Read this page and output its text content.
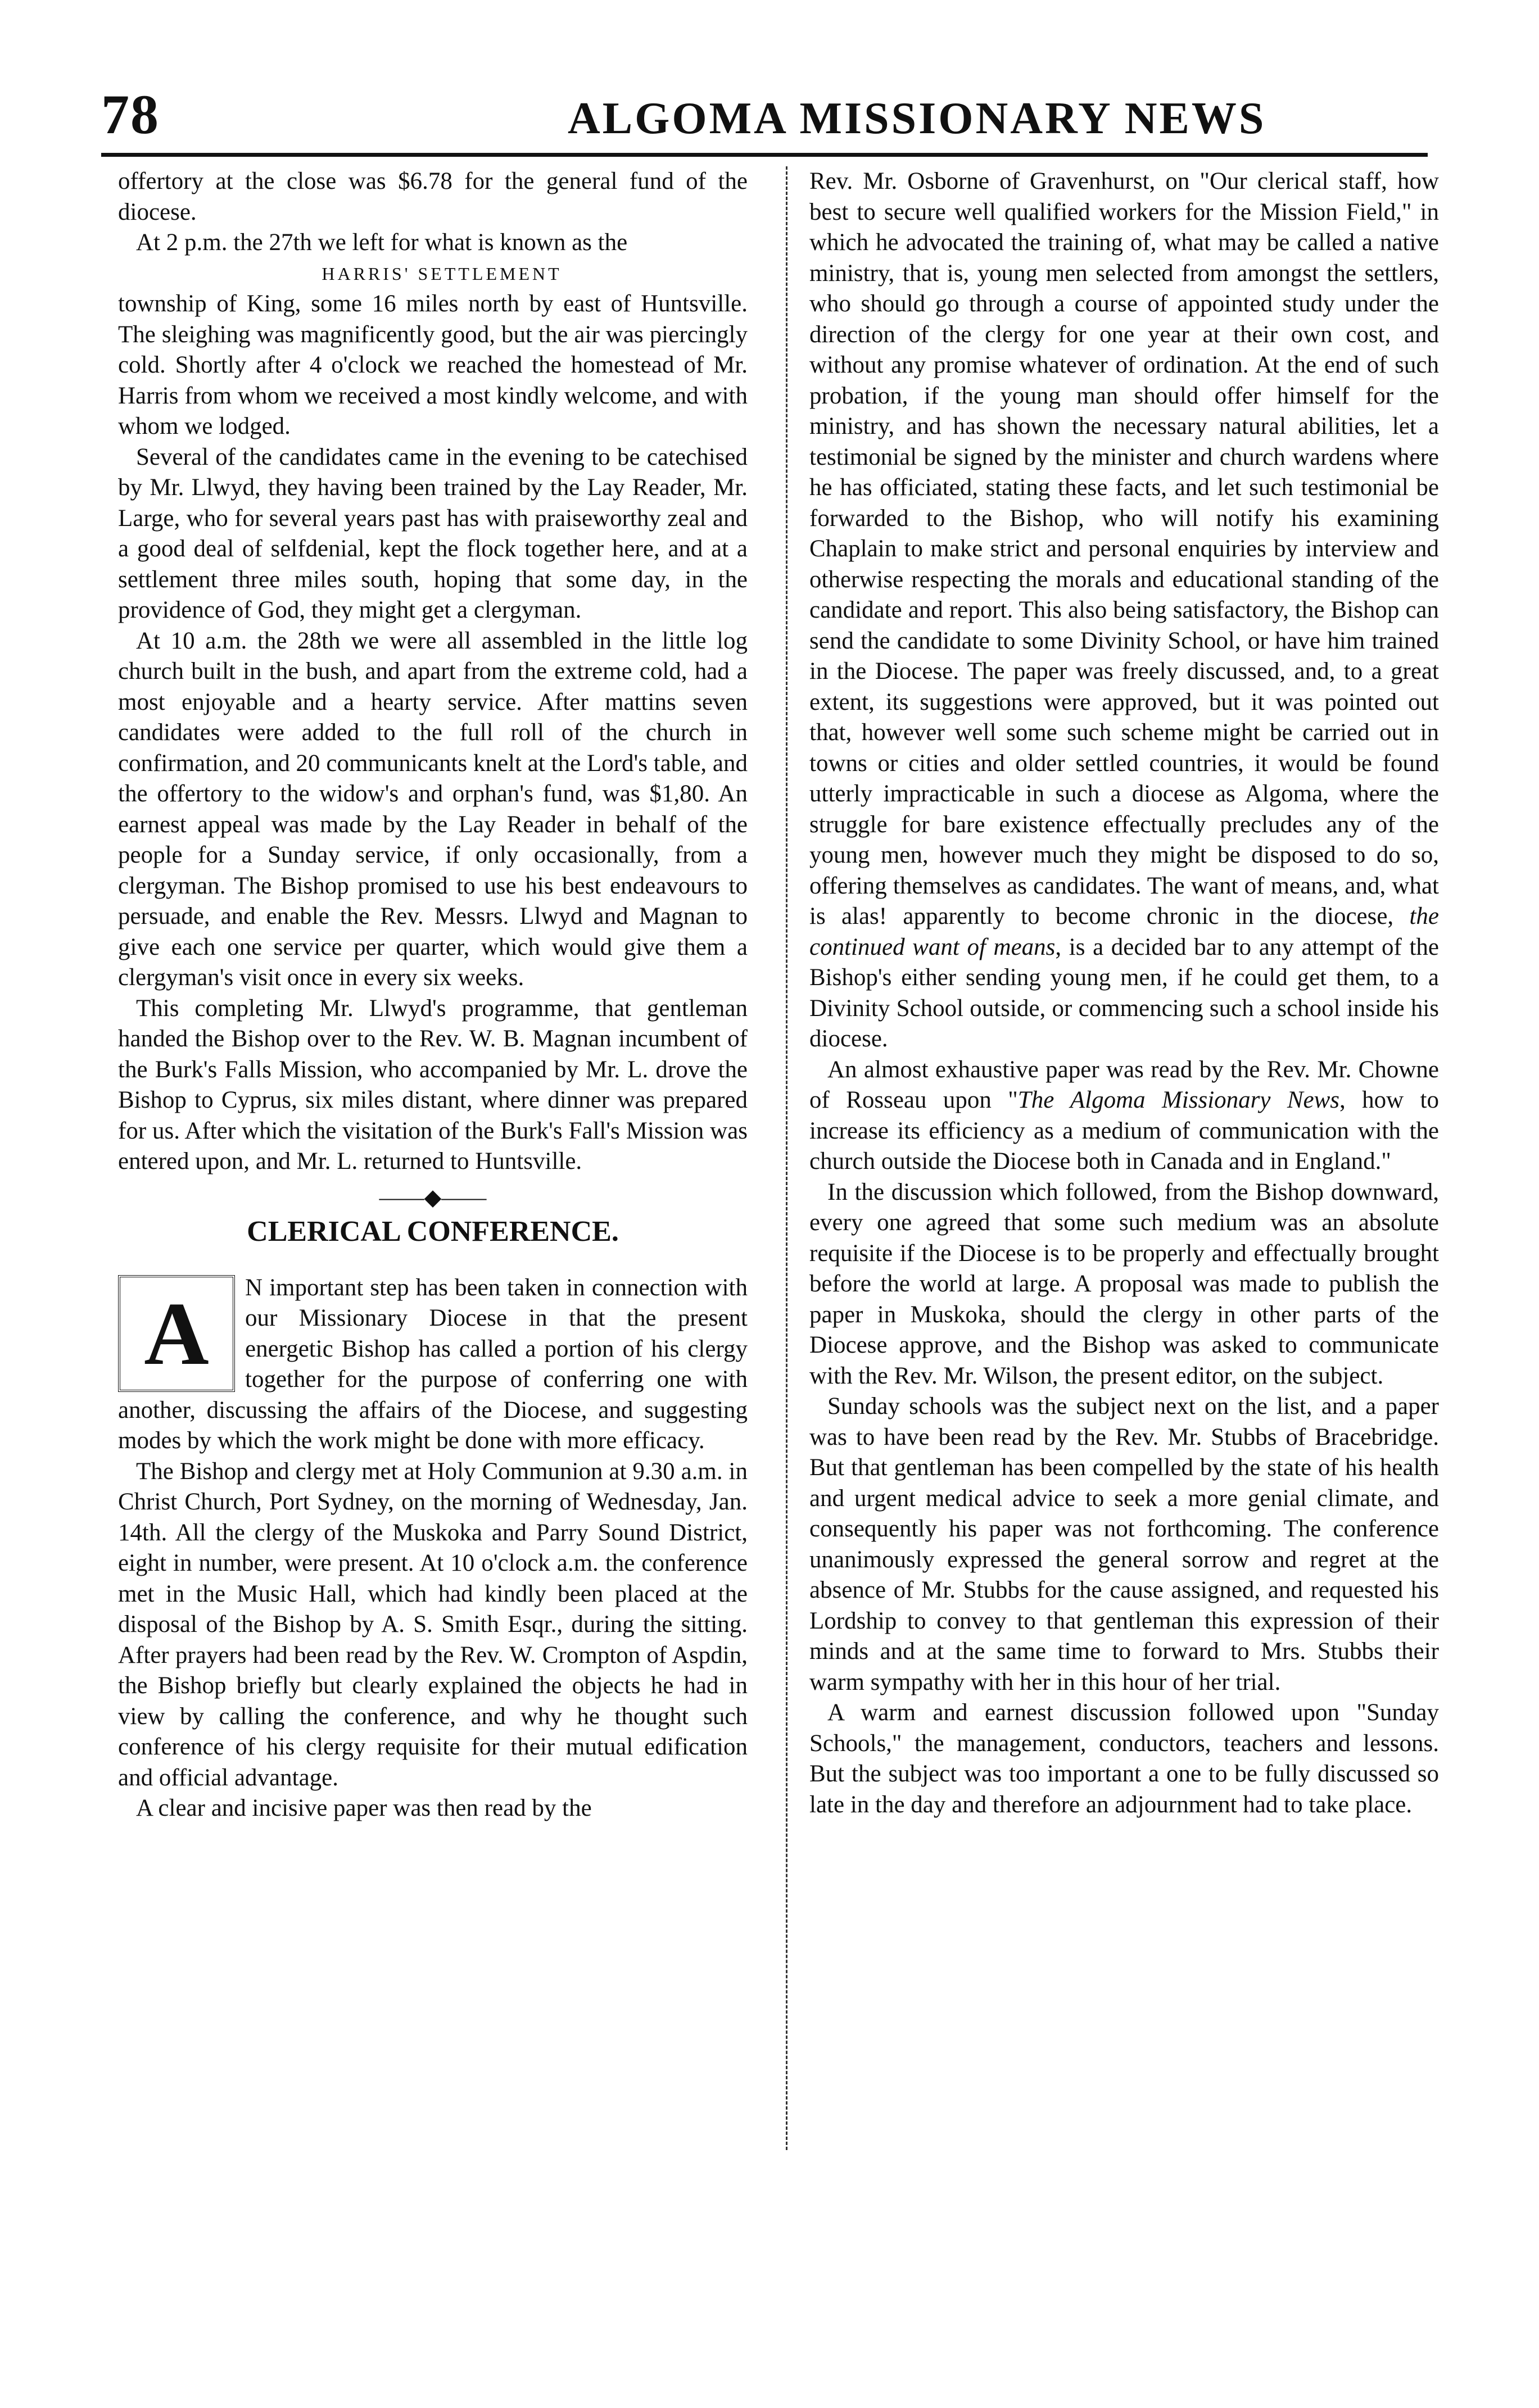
78	ALGOMA MISSIONARY NEWS

offertory at the close was $6.78 for the general fund of the diocese.

At 2 p.m. the 27th we left for what is known as the

HARRIS' SETTLEMENT

township of King, some 16 miles north by east of Huntsville. The sleighing was magnificently good, but the air was piercingly cold. Shortly after 4 o'clock we reached the homestead of Mr. Harris from whom we received a most kindly welcome, and with whom we lodged.

Several of the candidates came in the evening to be catechised by Mr. Llwyd, they having been trained by the Lay Reader, Mr. Large, who for several years past has with praiseworthy zeal and a good deal of selfdenial, kept the flock together here, and at a settlement three miles south, hoping that some day, in the providence of God, they might get a clergyman.

At 10 a.m. the 28th we were all assembled in the little log church built in the bush, and apart from the extreme cold, had a most enjoyable and a hearty service. After mattins seven candidates were added to the full roll of the church in confirmation, and 20 communicants knelt at the Lord's table, and the offertory to the widow's and orphan's fund, was $1,80. An earnest appeal was made by the Lay Reader in behalf of the people for a Sunday service, if only occasionally, from a clergyman. The Bishop promised to use his best endeavours to persuade, and enable the Rev. Messrs. Llwyd and Magnan to give each one service per quarter, which would give them a clergyman's visit once in every six weeks.

This completing Mr. Llwyd's programme, that gentleman handed the Bishop over to the Rev. W. B. Magnan incumbent of the Burk's Falls Mission, who accompanied by Mr. L. drove the Bishop to Cyprus, six miles distant, where dinner was prepared for us. After which the visitation of the Burk's Fall's Mission was entered upon, and Mr. L. returned to Huntsville.

——◆——
CLERICAL CONFERENCE.
A	N important step has been taken in connection with our Missionary Diocese in that the present energetic Bishop has called a portion of his clergy together for the purpose of conferring one with another, discussing the affairs of the Diocese, and suggesting modes by which the work might be done with more efficacy.

The Bishop and clergy met at Holy Communion at 9.30 a.m. in Christ Church, Port Sydney, on the morning of Wednesday, Jan. 14th. All the clergy of the Muskoka and Parry Sound District, eight in number, were present. At 10 o'clock a.m. the conference met in the Music Hall, which had kindly been placed at the disposal of the Bishop by A. S. Smith Esqr., during the sitting. After prayers had been read by the Rev. W. Crompton of Aspdin, the Bishop briefly but clearly explained the objects he had in view by calling the conference, and why he thought such conference of his clergy requisite for their mutual edification and official advantage.

A clear and incisive paper was then read by the

Rev. Mr. Osborne of Gravenhurst, on "Our clerical staff, how best to secure well qualified workers for the Mission Field," in which he advocated the training of, what may be called a native ministry, that is, young men selected from amongst the settlers, who should go through a course of appointed study under the direction of the clergy for one year at their own cost, and without any promise whatever of ordination. At the end of such probation, if the young man should offer himself for the ministry, and has shown the necessary natural abilities, let a testimonial be signed by the minister and church wardens where he has officiated, stating these facts, and let such testimonial be forwarded to the Bishop, who will notify his examining Chaplain to make strict and personal enquiries by interview and otherwise respecting the morals and educational standing of the candidate and report. This also being satisfactory, the Bishop can send the candidate to some Divinity School, or have him trained in the Diocese. The paper was freely discussed, and, to a great extent, its suggestions were approved, but it was pointed out that, however well some such scheme might be carried out in towns or cities and older settled countries, it would be found utterly impracticable in such a diocese as Algoma, where the struggle for bare existence effectually precludes any of the young men, however much they might be disposed to do so, offering themselves as candidates. The want of means, and, what is alas! apparently to become chronic in the diocese, the continued want of means, is a decided bar to any attempt of the Bishop's either sending young men, if he could get them, to a Divinity School outside, or commencing such a school inside his diocese.

An almost exhaustive paper was read by the Rev. Mr. Chowne of Rosseau upon "The Algoma Missionary News, how to increase its efficiency as a medium of communication with the church outside the Diocese both in Canada and in England."

In the discussion which followed, from the Bishop downward, every one agreed that some such medium was an absolute requisite if the Diocese is to be properly and effectually brought before the world at large. A proposal was made to publish the paper in Muskoka, should the clergy in other parts of the Diocese approve, and the Bishop was asked to communicate with the Rev. Mr. Wilson, the present editor, on the subject.

Sunday schools was the subject next on the list, and a paper was to have been read by the Rev. Mr. Stubbs of Bracebridge. But that gentleman has been compelled by the state of his health and urgent medical advice to seek a more genial climate, and consequently his paper was not forthcoming. The conference unanimously expressed the general sorrow and regret at the absence of Mr. Stubbs for the cause assigned, and requested his Lordship to convey to that gentleman this expression of their minds and at the same time to forward to Mrs. Stubbs their warm sympathy with her in this hour of her trial.

A warm and earnest discussion followed upon "Sunday Schools," the management, conductors, teachers and lessons. But the subject was too important a one to be fully discussed so late in the day and therefore an adjournment had to take place.
